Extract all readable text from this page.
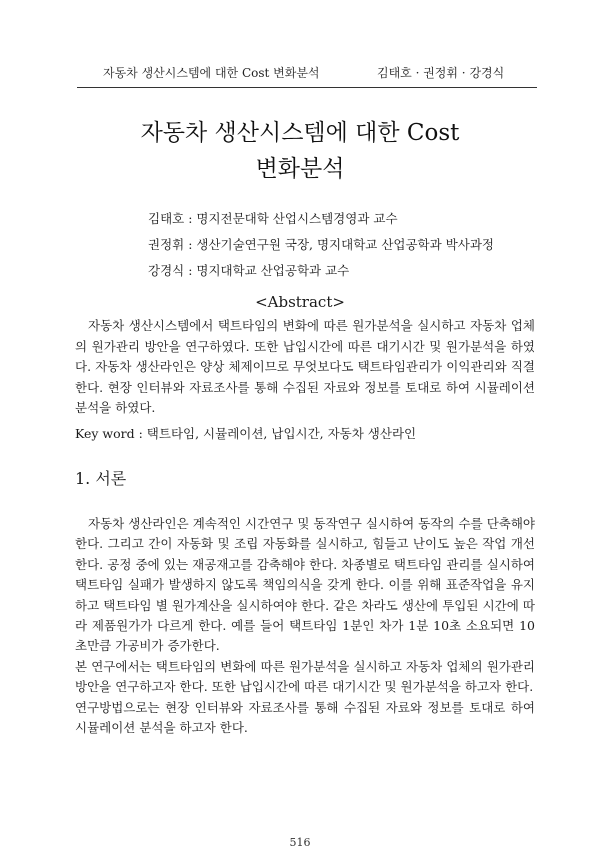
자동차 생산시스템에 대한 Cost 변화분석	김태호 · 권정휘 · 강경식
자동차 생산시스템에 대한 Cost
변화분석
김태호 : 명지전문대학 산업시스템경영과 교수
권정휘 : 생산기술연구원 국장, 명지대학교 산업공학과 박사과정
강경식 : 명지대학교 산업공학과 교수
<Abstract>
자동차 생산시스템에서 택트타임의 변화에 따른 원가분석을 실시하고 자동차 업체의 원가관리 방안을 연구하였다. 또한 납입시간에 따른 대기시간 및 원가분석을 하였다. 자동차 생산라인은 양상 체제이므로 무엇보다도 택트타임관리가 이익관리와 직결한다. 현장 인터뷰와 자료조사를 통해 수집된 자료와 정보를 토대로 하여 시뮬레이션 분석을 하였다.
Key word : 택트타임, 시뮬레이션, 납입시간, 자동차 생산라인
1. 서론

자동차 생산라인은 계속적인 시간연구 및 동작연구 실시하여 동작의 수를 단축해야 한다. 그리고 간이 자동화 및 조립 자동화를 실시하고, 힘들고 난이도 높은 작업 개선한다. 공정 중에 있는 재공재고를 감축해야 한다. 차종별로 택트타임 관리를 실시하여 택트타임 실패가 발생하지 않도록 책임의식을 갖게 한다. 이를 위해 표준작업을 유지 하고 택트타임 별 원가계산을 실시하여야 한다. 같은 차라도 생산에 투입된 시간에 따라 제품원가가 다르게 한다. 예를 들어 택트타임 1분인 차가 1분 10초 소요되면 10초만큼 가공비가 증가한다.

본 연구에서는 택트타임의 변화에 따른 원가분석을 실시하고 자동차 업체의 원가관리 방안을 연구하고자 한다. 또한 납입시간에 따른 대기시간 및 원가분석을 하고자 한다.

연구방법으로는 현장 인터뷰와 자료조사를 통해 수집된 자료와 정보를 토대로 하여 시뮬레이션 분석을 하고자 한다.

516
